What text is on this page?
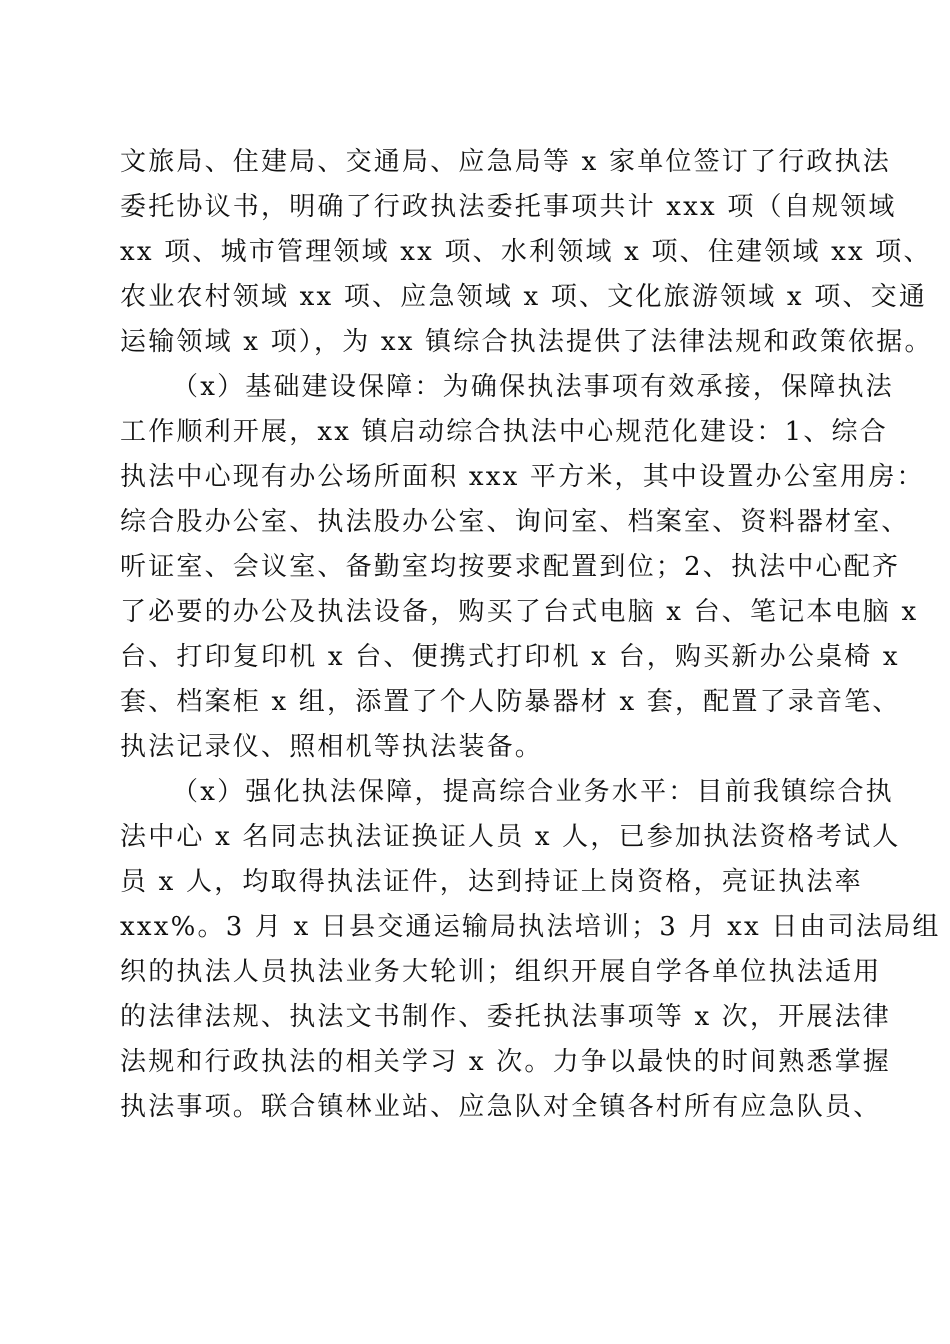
文旅局、住建局、交通局、应急局等 x 家单位签订了行政执法
委托协议书，明确了行政执法委托事项共计 xxx 项（自规领域
xx 项、城市管理领域 xx 项、水利领域 x 项、住建领域 xx 项、
农业农村领域 xx 项、应急领域 x 项、文化旅游领域 x 项、交通
运输领域 x 项），为 xx 镇综合执法提供了法律法规和政策依据。
（x）基础建设保障：为确保执法事项有效承接，保障执法
工作顺利开展，xx 镇启动综合执法中心规范化建设：1、综合
执法中心现有办公场所面积 xxx 平方米，其中设置办公室用房：
综合股办公室、执法股办公室、询问室、档案室、资料器材室、
听证室、会议室、备勤室均按要求配置到位；2、执法中心配齐
了必要的办公及执法设备，购买了台式电脑 x 台、笔记本电脑 x
台、打印复印机 x 台、便携式打印机 x 台，购买新办公桌椅 x
套、档案柜 x 组，添置了个人防暴器材 x 套，配置了录音笔、
执法记录仪、照相机等执法装备。
（x）强化执法保障，提高综合业务水平：目前我镇综合执
法中心 x 名同志执法证换证人员 x 人，已参加执法资格考试人
员 x 人，均取得执法证件，达到持证上岗资格，亮证执法率
xxx%。3 月 x 日县交通运输局执法培训；3 月 xx 日由司法局组
织的执法人员执法业务大轮训；组织开展自学各单位执法适用
的法律法规、执法文书制作、委托执法事项等 x 次，开展法律
法规和行政执法的相关学习 x 次。力争以最快的时间熟悉掌握
执法事项。联合镇林业站、应急队对全镇各村所有应急队员、
